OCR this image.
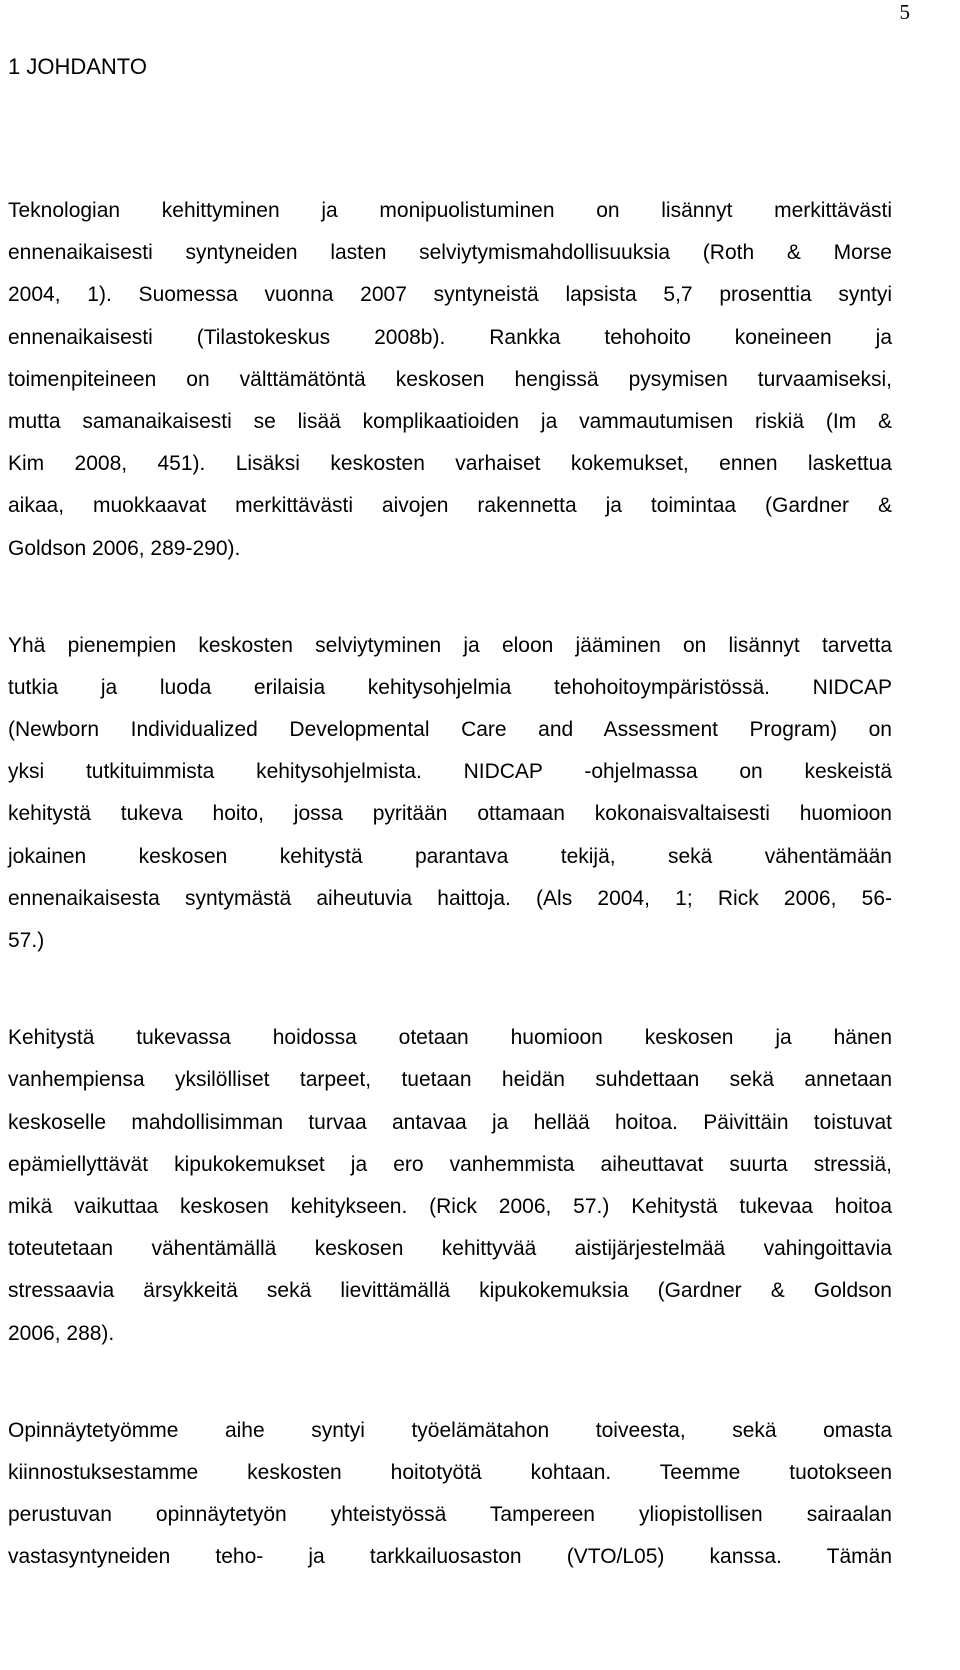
5
1 JOHDANTO

Teknologian kehittyminen ja monipuolistuminen on lisännyt merkittävästi
ennenaikaisesti syntyneiden lasten selviytymismahdollisuuksia (Roth & Morse
2004, 1). Suomessa vuonna 2007 syntyneistä lapsista 5,7 prosenttia syntyi
ennenaikaisesti (Tilastokeskus 2008b). Rankka tehohoito koneineen ja
toimenpiteineen on välttämätöntä keskosen hengissä pysymisen turvaamiseksi,
mutta samanaikaisesti se lisää komplikaatioiden ja vammautumisen riskiä (Im &
Kim 2008, 451). Lisäksi keskosten varhaiset kokemukset, ennen laskettua
aikaa, muokkaavat merkittävästi aivojen rakennetta ja toimintaa (Gardner &
Goldson 2006, 289-290).

Yhä pienempien keskosten selviytyminen ja eloon jääminen on lisännyt tarvetta
tutkia ja luoda erilaisia kehitysohjelmia tehohoitoympäristössä. NIDCAP
(Newborn Individualized Developmental Care and Assessment Program) on
yksi tutkituimmista kehitysohjelmista. NIDCAP -ohjelmassa on keskeistä
kehitystä tukeva hoito, jossa pyritään ottamaan kokonaisvaltaisesti huomioon
jokainen keskosen kehitystä parantava tekijä, sekä vähentämään
ennenaikaisesta syntymästä aiheutuvia haittoja. (Als 2004, 1; Rick 2006, 56-
57.)

Kehitystä tukevassa hoidossa otetaan huomioon keskosen ja hänen
vanhempiensa yksilölliset tarpeet, tuetaan heidän suhdettaan sekä annetaan
keskoselle mahdollisimman turvaa antavaa ja hellää hoitoa. Päivittäin toistuvat
epämiellyttävät kipukokemukset ja ero vanhemmista aiheuttavat suurta stressiä,
mikä vaikuttaa keskosen kehitykseen. (Rick 2006, 57.) Kehitystä tukevaa hoitoa
toteutetaan vähentämällä keskosen kehittyvää aistijärjestelmää vahingoittavia
stressaavia ärsykkeitä sekä lievittämällä kipukokemuksia (Gardner & Goldson
2006, 288).

Opinnäytetyömme aihe syntyi työelämätahon toiveesta, sekä omasta
kiinnostuksestamme keskosten hoitotyötä kohtaan. Teemme tuotokseen
perustuvan opinnäytetyön yhteistyössä Tampereen yliopistollisen sairaalan
vastasyntyneiden teho- ja tarkkailuosaston (VTO/L05) kanssa. Tämän
